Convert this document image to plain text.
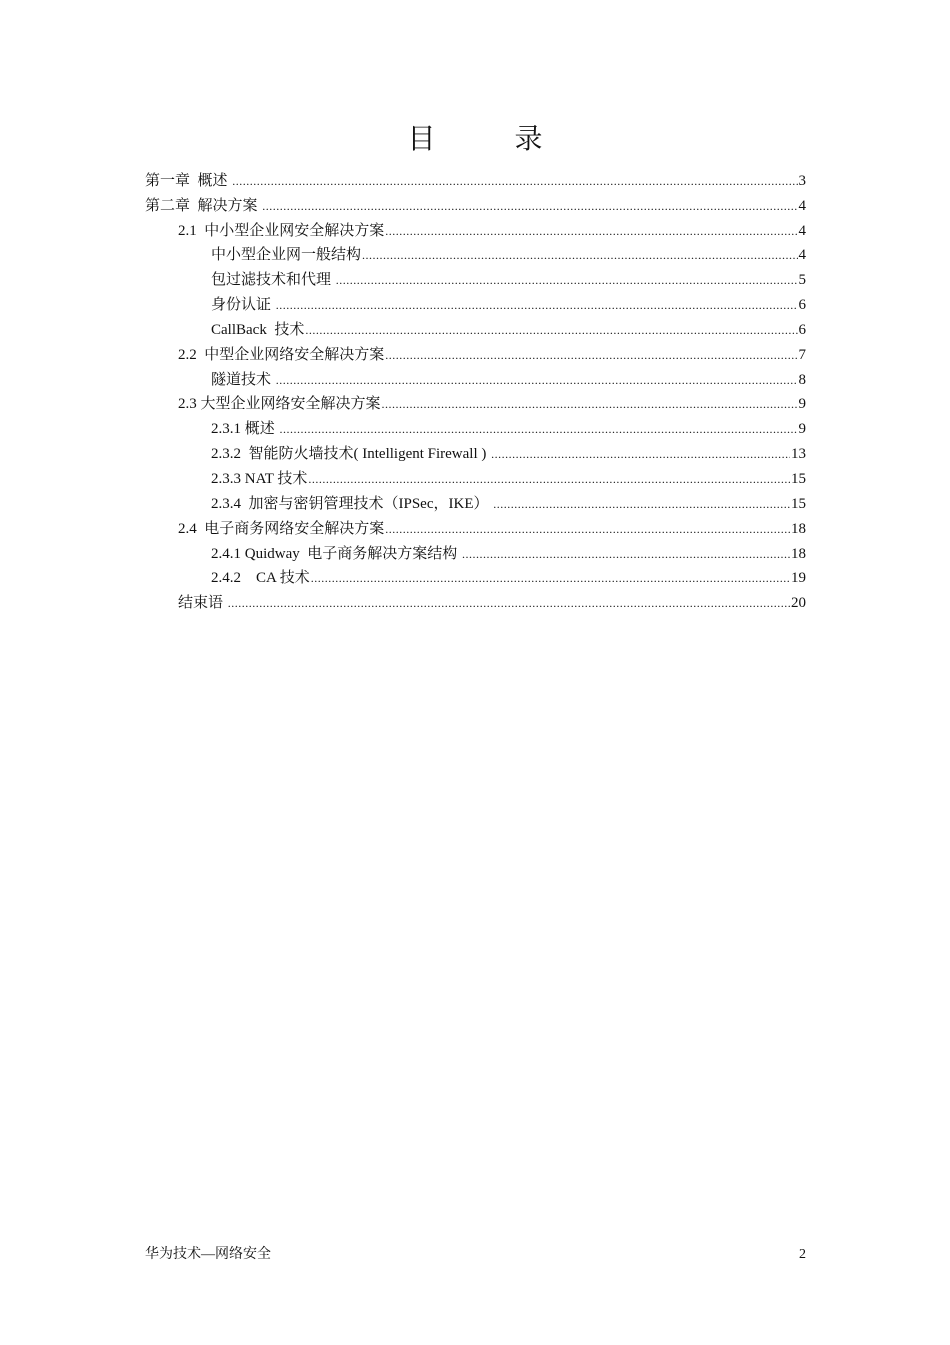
目 录
第一章  概述 .....	3
第二章  解决方案 .....	4
2.1  中小型企业网安全解决方案 .....	4
中小型企业网一般结构 .....	4
包过滤技术和代理 .....	5
身份认证 .....	6
CallBack  技术 .....	6
2.2  中型企业网络安全解决方案 .....	7
隧道技术 .....	8
2.3 大型企业网络安全解决方案 .....	9
2.3.1 概述 .....	9
2.3.2  智能防火墙技术( Intelligent Firewall ) .....	13
2.3.3 NAT 技术 .....	15
2.3.4  加密与密钥管理技术（IPSec，IKE） .....	15
2.4  电子商务网络安全解决方案 .....	18
2.4.1 Quidway  电子商务解决方案结构 .....	18
2.4.2    CA 技术 .....	19
结束语 .....	20
华为技术—网络安全	2
